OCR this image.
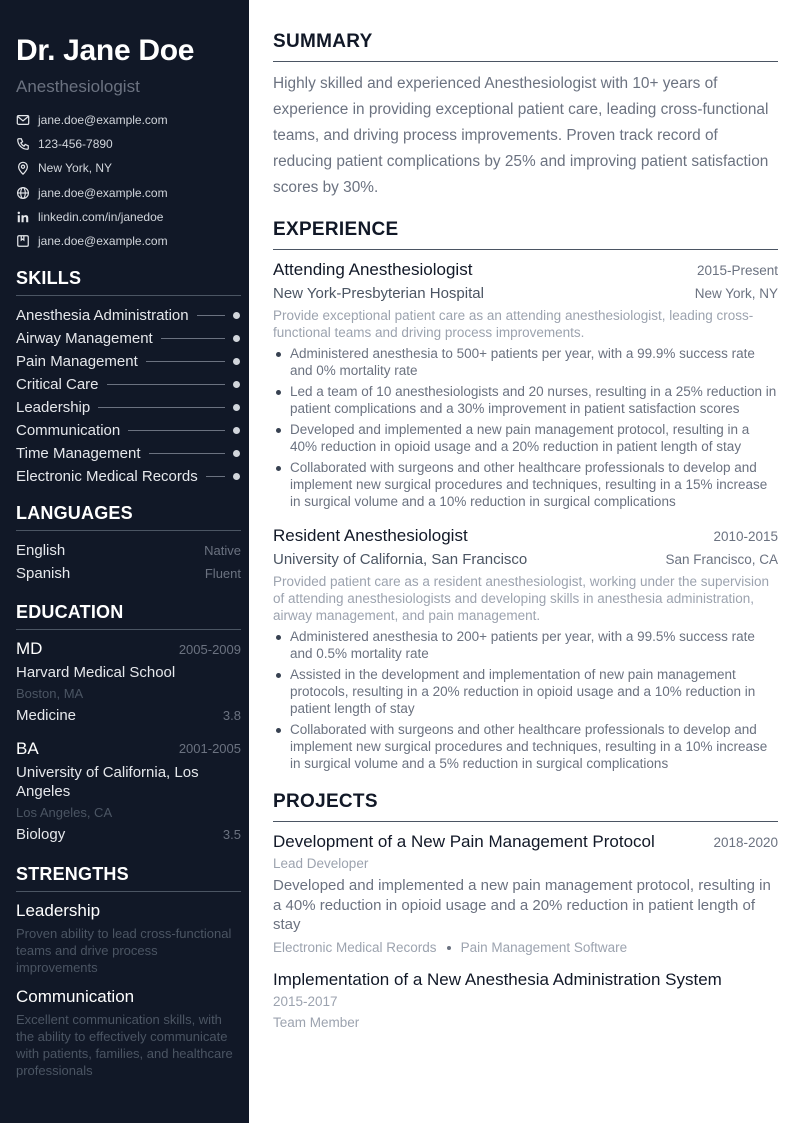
Dr. Jane Doe
Anesthesiologist
jane.doe@example.com
123-456-7890
New York, NY
jane.doe@example.com
linkedin.com/in/janedoe
jane.doe@example.com
SKILLS
Anesthesia Administration
Airway Management
Pain Management
Critical Care
Leadership
Communication
Time Management
Electronic Medical Records
LANGUAGES
English	Native
Spanish	Fluent
EDUCATION
MD	2005-2009
Harvard Medical School
Boston, MA
Medicine	3.8
BA	2001-2005
University of California, Los Angeles
Los Angeles, CA
Biology	3.5
STRENGTHS
Leadership
Proven ability to lead cross-functional teams and drive process improvements
Communication
Excellent communication skills, with the ability to effectively communicate with patients, families, and healthcare professionals
SUMMARY

Highly skilled and experienced Anesthesiologist with 10+ years of experience in providing exceptional patient care, leading cross-functional teams, and driving process improvements. Proven track record of reducing patient complications by 25% and improving patient satisfaction scores by 30%.

EXPERIENCE
Attending Anesthesiologist	2015-Present
New York-Presbyterian Hospital	New York, NY

Provide exceptional patient care as an attending anesthesiologist, leading cross-functional teams and driving process improvements.

Administered anesthesia to 500+ patients per year, with a 99.9% success rate and 0% mortality rate
Led a team of 10 anesthesiologists and 20 nurses, resulting in a 25% reduction in patient complications and a 30% improvement in patient satisfaction scores
Developed and implemented a new pain management protocol, resulting in a 40% reduction in opioid usage and a 20% reduction in patient length of stay
Collaborated with surgeons and other healthcare professionals to develop and implement new surgical procedures and techniques, resulting in a 15% increase in surgical volume and a 10% reduction in surgical complications
Resident Anesthesiologist	2010-2015
University of California, San Francisco	San Francisco, CA

Provided patient care as a resident anesthesiologist, working under the supervision of attending anesthesiologists and developing skills in anesthesia administration, airway management, and pain management.

Administered anesthesia to 200+ patients per year, with a 99.5% success rate and 0.5% mortality rate
Assisted in the development and implementation of new pain management protocols, resulting in a 20% reduction in opioid usage and a 10% reduction in patient length of stay
Collaborated with surgeons and other healthcare professionals to develop and implement new surgical procedures and techniques, resulting in a 10% increase in surgical volume and a 5% reduction in surgical complications
PROJECTS
Development of a New Pain Management Protocol	2018-2020
Lead Developer

Developed and implemented a new pain management protocol, resulting in a 40% reduction in opioid usage and a 20% reduction in patient length of stay

Electronic Medical Records Pain Management Software
Implementation of a New Anesthesia Administration System
2015-2017
Team Member
